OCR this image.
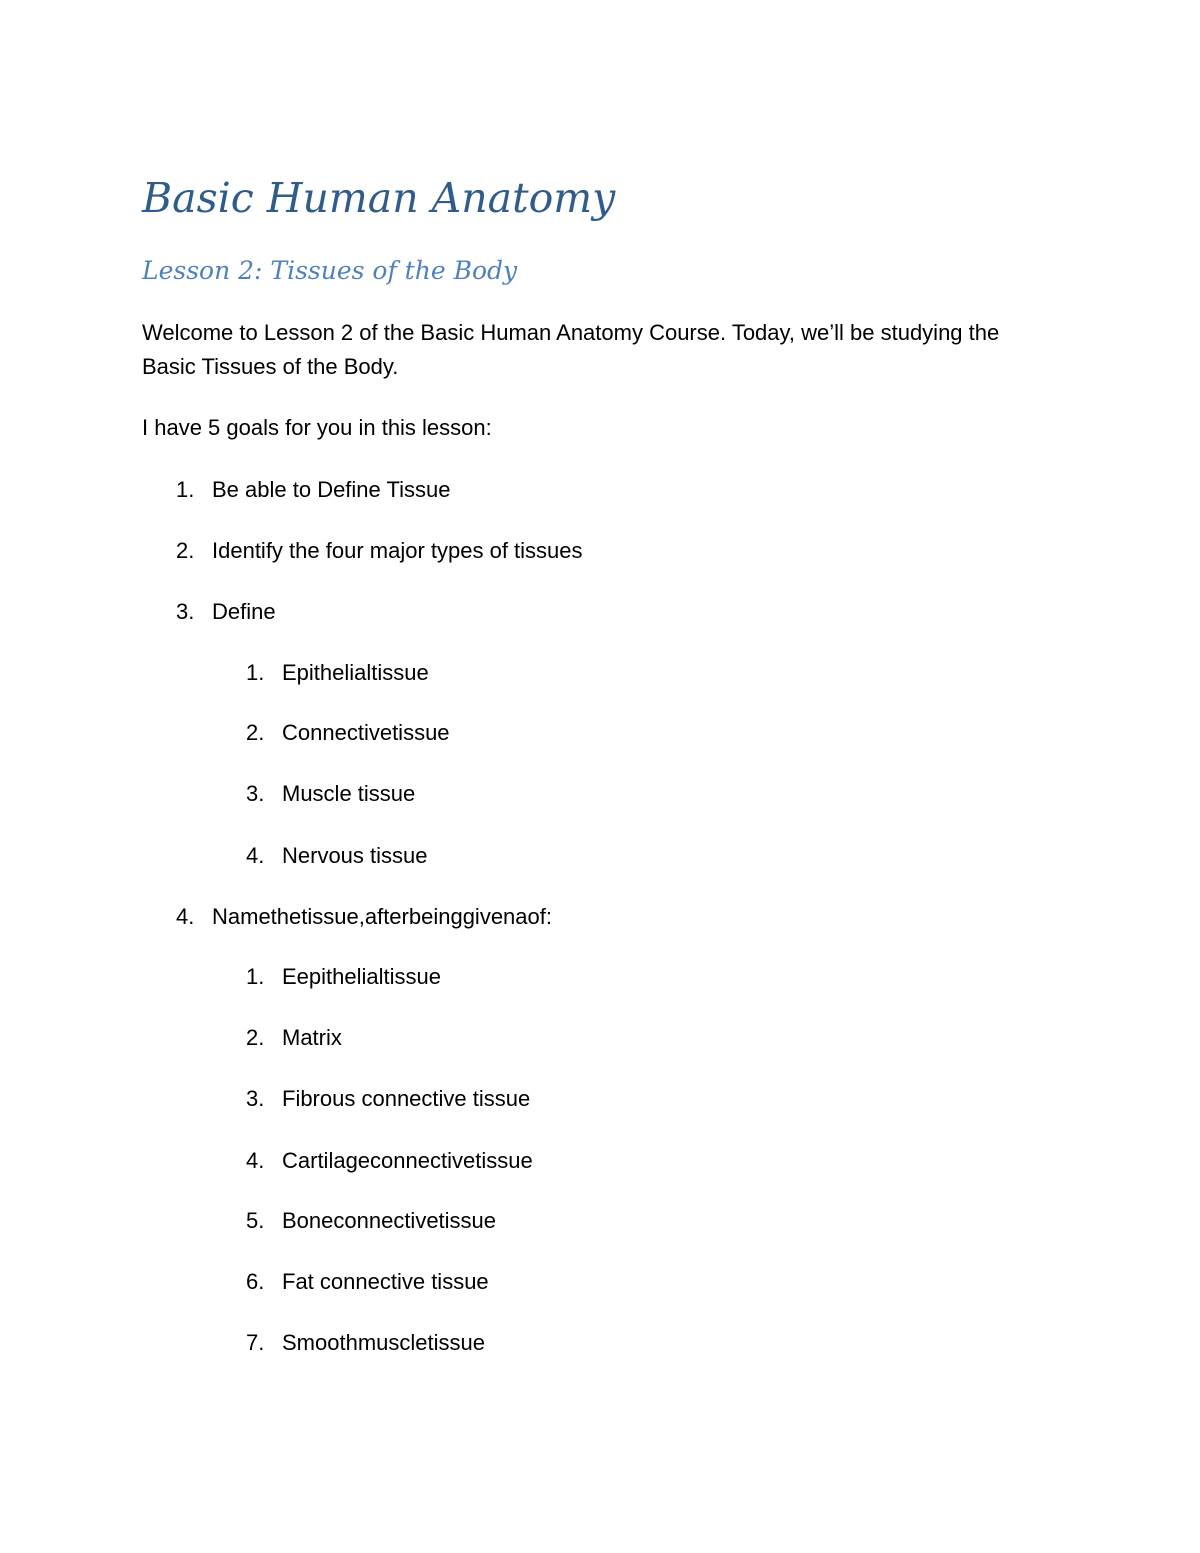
Basic Human Anatomy
Lesson 2: Tissues of the Body

Welcome to Lesson 2 of the Basic Human Anatomy Course. Today, we’ll be studying the Basic Tissues of the Body.

I have 5 goals for you in this lesson:

1. Be able to Define Tissue
2. Identify the four major types of tissues
3. Define
1. Epithelialtissue
2. Connectivetissue
3. Muscle tissue
4. Nervous tissue
4. Namethetissue,afterbeinggivenaof:
1. Eepithelialtissue
2. Matrix
3. Fibrous connective tissue
4. Cartilageconnectivetissue
5. Boneconnectivetissue
6. Fat connective tissue
7. Smoothmuscletissue
